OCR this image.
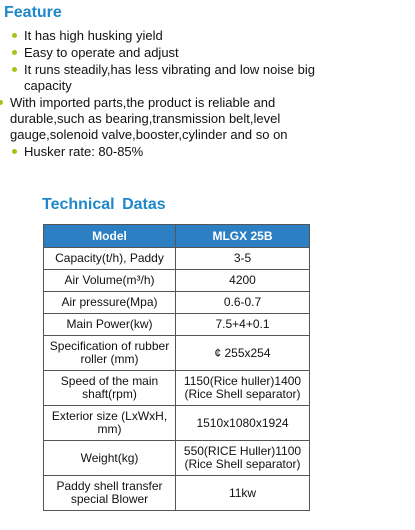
Feature
It has high husking yield
Easy to operate and adjust
It runs steadily,has less vibrating and low noise big capacity
With imported parts,the product is reliable and durable,such as bearing,transmission belt,level gauge,solenoid valve,booster,cylinder and so on
Husker rate: 80-85%
Technical Datas
Model	MLGX 25B
Capacity(t/h), Paddy	3-5
Air Volume(m³/h)	4200
Air pressure(Mpa)	0.6-0.7
Main Power(kw)	7.5+4+0.1
Specification of rubber roller (mm)	¢ 255x254
Speed of the main shaft(rpm)	1150(Rice huller)1400 (Rice Shell separator)
Exterior size (LxWxH, mm)	1510x1080x1924
Weight(kg)	550(RICE Huller)1100 (Rice Shell separator)
Paddy shell transfer special Blower	11kw
